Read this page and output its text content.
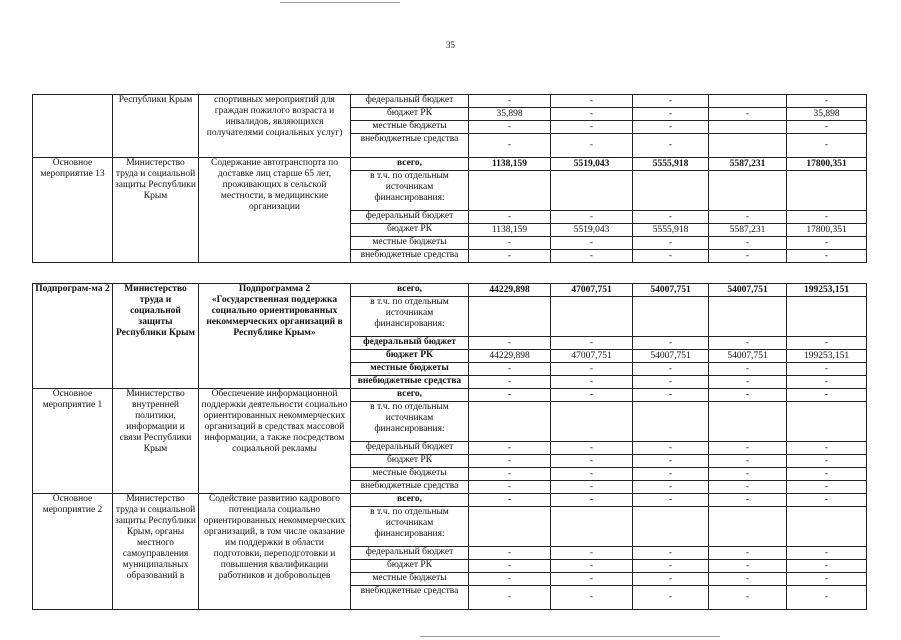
35
	Республики Крым	спортивных мероприятий для граждан пожилого возраста и инвалидов, являющихся получателями социальных услуг)	федеральный бюджет	-	-	-		-
			бюджет РК	35,898	-	-	-	35,898
			местные бюджеты	-	-	-		-
			внебюджетные средства	-	-	-		-
Основное мероприятие 13	Министерство труда и социальной защиты Республики Крым	Содержание автотранспорта по доставке лиц старше 65 лет, проживающих в сельской местности, в медицинские организации	всего,	1138,159	5519,043	5555,918	5587,231	17800,351
			в т.ч. по отдельным источникам финансирования:					
			федеральный бюджет	-	-	-	-	-
			бюджет РК	1138,159	5519,043	5555,918	5587,231	17800,351
			местные бюджеты	-	-	-	-	-
			внебюджетные средства	-	-	-	-	-
Подпрограм-ма 2	Министерство труда и социальной защиты Республики Крым	Подпрограмма 2 «Государственная поддержка социально ориентированных некоммерческих организаций в Республике Крым»	всего,	44229,898	47007,751	54007,751	54007,751	199253,151
			в т.ч. по отдельным источникам финансирования:					
			федеральный бюджет	-	-	-	-	-
			бюджет РК	44229,898	47007,751	54007,751	54007,751	199253,151
			местные бюджеты	-	-	-	-	-
			внебюджетные средства	-	-	-	-	-
Основное мероприятие 1	Министерство внутренней политики, информации и связи Республики Крым	Обеспечение информационной поддержки деятельности социально ориентированных некоммерческих организаций в средствах массовой информации, а также посредством социальной рекламы	всего,	-	-	-	-	-
			в т.ч. по отдельным источникам финансирования:					
			федеральный бюджет	-	-	-	-	-
			бюджет РК	-	-	-	-	-
			местные бюджеты	-	-	-	-	-
			внебюджетные средства	-	-	-	-	-
Основное мероприятие 2	Министерство труда и социальной защиты Республики Крым, органы местного самоуправления муниципальных образований в	Содействие развитию кадрового потенциала социально ориентированных некоммерческих организаций, в том числе оказание им поддержки в области подготовки, переподготовки и повышения квалификации работников и добровольцев	всего,	-	-	-	-	-
			в т.ч. по отдельным источникам финансирования:					
			федеральный бюджет	-	-	-	-	-
			бюджет РК	-	-	-	-	-
			местные бюджеты	-	-	-	-	-
			внебюджетные средства	-	-	-	-	-
